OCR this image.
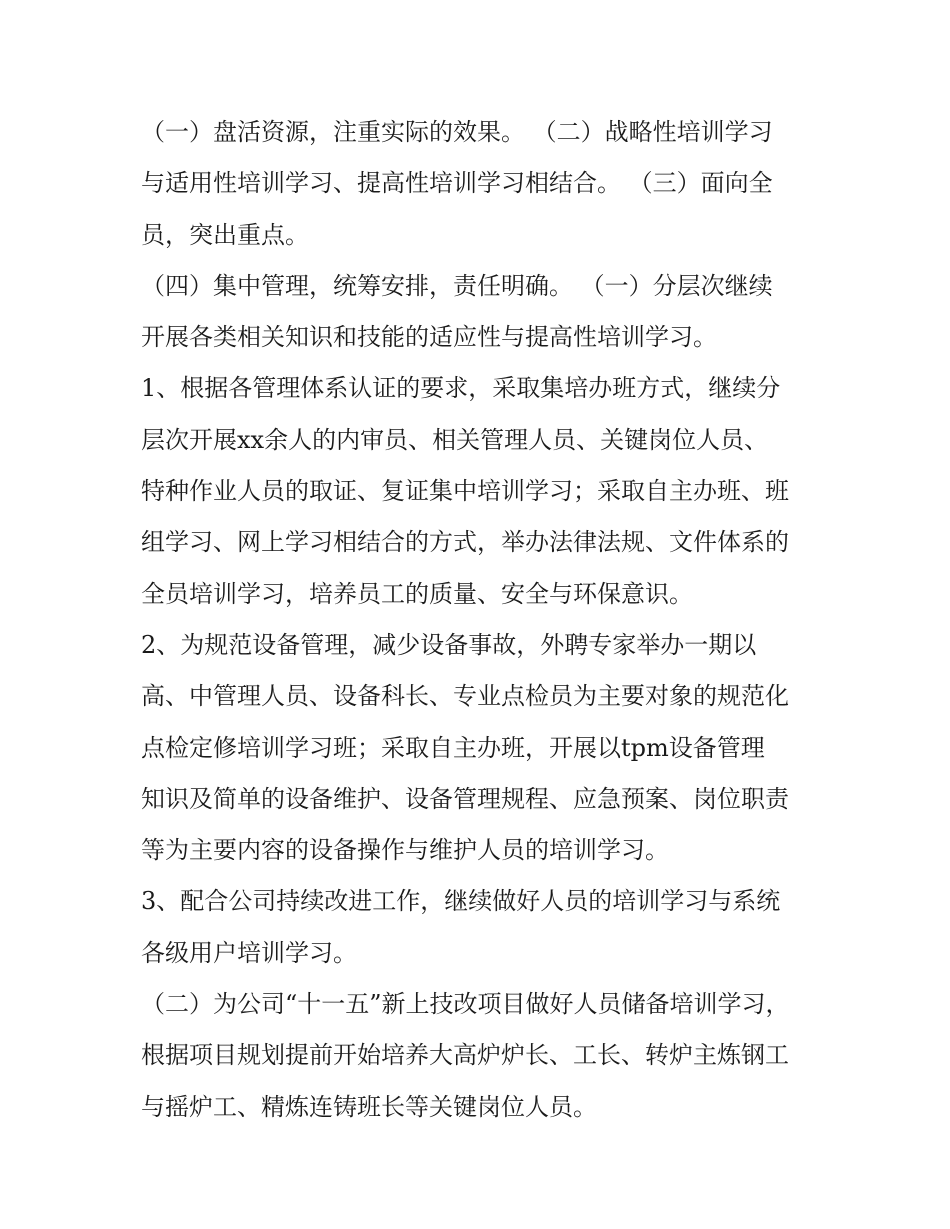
（一）盘活资源，注重实际的效果。 （二）战略性培训学习
与适用性培训学习、提高性培训学习相结合。 （三）面向全
员，突出重点。
（四）集中管理，统筹安排，责任明确。 （一）分层次继续
开展各类相关知识和技能的适应性与提高性培训学习。
1、根据各管理体系认证的要求，采取集培办班方式，继续分
层次开展xx余人的内审员、相关管理人员、关键岗位人员、
特种作业人员的取证、复证集中培训学习；采取自主办班、班
组学习、网上学习相结合的方式，举办法律法规、文件体系的
全员培训学习，培养员工的质量、安全与环保意识。
2、为规范设备管理，减少设备事故，外聘专家举办一期以
高、中管理人员、设备科长、专业点检员为主要对象的规范化
点检定修培训学习班；采取自主办班，开展以tpm设备管理
知识及简单的设备维护、设备管理规程、应急预案、岗位职责
等为主要内容的设备操作与维护人员的培训学习。
3、配合公司持续改进工作，继续做好人员的培训学习与系统
各级用户培训学习。
（二）为公司“十一五”新上技改项目做好人员储备培训学习，
根据项目规划提前开始培养大高炉炉长、工长、转炉主炼钢工
与摇炉工、精炼连铸班长等关键岗位人员。
